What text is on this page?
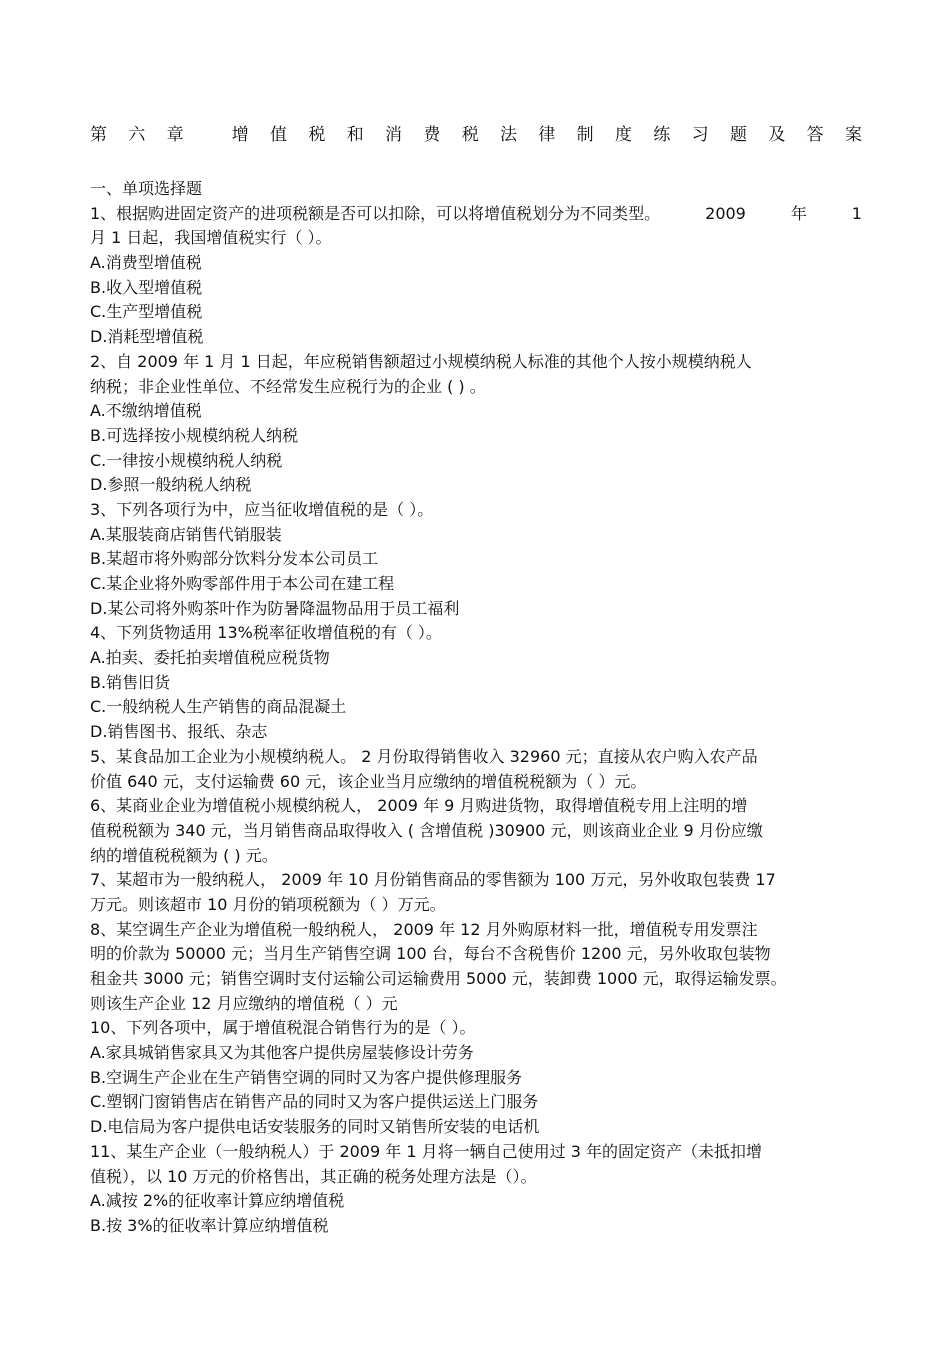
第 六 章
	增 值 税 和 消 费 税 法 律 制 度 练 习 题 及 答 案
一、单项选择题
1、根据购进固定资产的进项税额是否可以扣除，可以将增值税划分为不同类型。	2009	年	1
月 1 日起，我国增值税实行（ ）。
A.消费型增值税
B.收入型增值税
C.生产型增值税
D.消耗型增值税
2、自 2009 年 1 月 1 日起，年应税销售额超过小规模纳税人标准的其他个人按小规模纳税人
纳税；非企业性单位、不经常发生应税行为的企业 ( ) 。
A.不缴纳增值税
B.可选择按小规模纳税人纳税
C.一律按小规模纳税人纳税
D.参照一般纳税人纳税
3、下列各项行为中，应当征收增值税的是（ ）。
A.某服装商店销售代销服装
B.某超市将外购部分饮料分发本公司员工
C.某企业将外购零部件用于本公司在建工程
D.某公司将外购茶叶作为防暑降温物品用于员工福利
4、下列货物适用 13%税率征收增值税的有（ ）。
A.拍卖、委托拍卖增值税应税货物
B.销售旧货
C.一般纳税人生产销售的商品混凝土
D.销售图书、报纸、杂志
5、某食品加工企业为小规模纳税人。 2 月份取得销售收入 32960 元；直接从农户购入农产品
价值 640 元，支付运输费 60 元，该企业当月应缴纳的增值税税额为（ ）元。
6、某商业企业为增值税小规模纳税人， 2009 年 9 月购进货物，取得增值税专用上注明的增
值税税额为 340 元，当月销售商品取得收入 ( 含增值税 )30900 元，则该商业企业 9 月份应缴
纳的增值税税额为 ( ) 元。
7、某超市为一般纳税人， 2009 年 10 月份销售商品的零售额为 100 万元，另外收取包装费 17
万元。则该超市 10 月份的销项税额为（ ）万元。
8、某空调生产企业为增值税一般纳税人， 2009 年 12 月外购原材料一批，增值税专用发票注
明的价款为 50000 元；当月生产销售空调 100 台，每台不含税售价 1200 元，另外收取包装物
租金共 3000 元；销售空调时支付运输公司运输费用 5000 元，装卸费 1000 元，取得运输发票。
则该生产企业 12 月应缴纳的增值税（ ）元
10、下列各项中，属于增值税混合销售行为的是（ ）。
A.家具城销售家具又为其他客户提供房屋装修设计劳务
B.空调生产企业在生产销售空调的同时又为客户提供修理服务
C.塑钢门窗销售店在销售产品的同时又为客户提供运送上门服务
D.电信局为客户提供电话安装服务的同时又销售所安装的电话机
11、某生产企业（一般纳税人）于 2009 年 1 月将一辆自己使用过 3 年的固定资产（未抵扣增
值税），以 10 万元的价格售出，其正确的税务处理方法是（）。
A.减按 2%的征收率计算应纳增值税
B.按 3%的征收率计算应纳增值税
